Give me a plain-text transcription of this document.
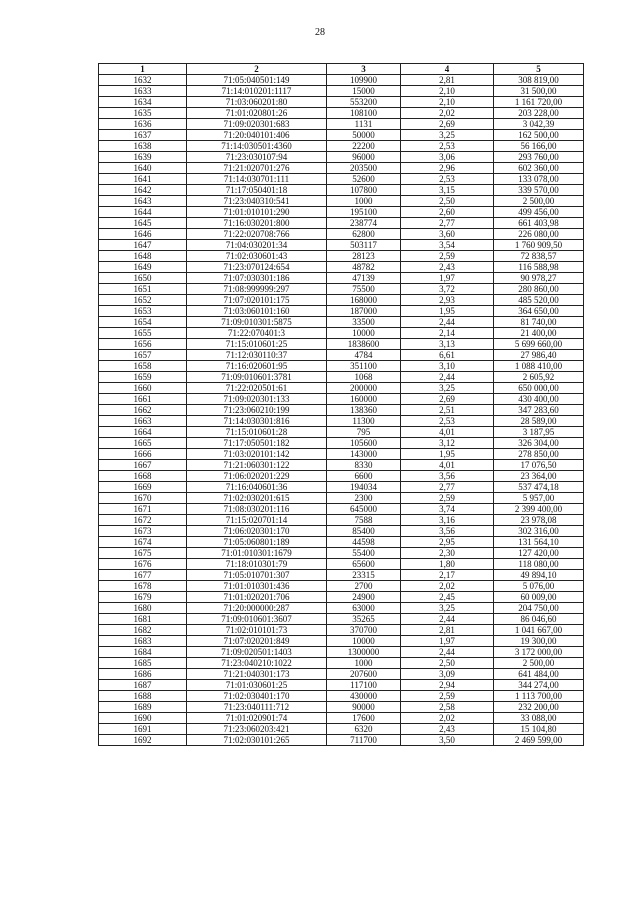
28
1	2	3	4	5
1632	71:05:040501:149	109900	2,81	308 819,00
1633	71:14:010201:1117	15000	2,10	31 500,00
1634	71:03:060201:80	553200	2,10	1 161 720,00
1635	71:01:020801:26	108100	2,02	203 228,00
1636	71:09:020301:683	1131	2,69	3 042,39
1637	71:20:040101:406	50000	3,25	162 500,00
1638	71:14:030501:4360	22200	2,53	56 166,00
1639	71:23:030107:94	96000	3,06	293 760,00
1640	71:21:020701:276	203500	2,96	602 360,00
1641	71:14:030701:111	52600	2,53	133 078,00
1642	71:17:050401:18	107800	3,15	339 570,00
1643	71:23:040310:541	1000	2,50	2 500,00
1644	71:01:010101:290	195100	2,60	499 456,00
1645	71:16:030201:800	238774	2,77	661 403,98
1646	71:22:020708:766	62800	3,60	226 080,00
1647	71:04:030201:34	503117	3,54	1 760 909,50
1648	71:02:030601:43	28123	2,59	72 838,57
1649	71:23:070124:654	48782	2,43	116 588,98
1650	71:07:030301:186	47139	1,97	90 978,27
1651	71:08:999999:297	75500	3,72	280 860,00
1652	71:07:020101:175	168000	2,93	485 520,00
1653	71:03:060101:160	187000	1,95	364 650,00
1654	71:09:010301:5875	33500	2,44	81 740,00
1655	71:22:070401:3	10000	2,14	21 400,00
1656	71:15:010601:25	1838600	3,13	5 699 660,00
1657	71:12:030110:37	4784	6,61	27 986,40
1658	71:16:020601:95	351100	3,10	1 088 410,00
1659	71:09:010601:3781	1068	2,44	2 605,92
1660	71:22:020501:61	200000	3,25	650 000,00
1661	71:09:020301:133	160000	2,69	430 400,00
1662	71:23:060210:199	138360	2,51	347 283,60
1663	71:14:030301:816	11300	2,53	28 589,00
1664	71:15:010601:28	795	4,01	3 187,95
1665	71:17:050501:182	105600	3,12	326 304,00
1666	71:03:020101:142	143000	1,95	278 850,00
1667	71:21:060301:122	8330	4,01	17 076,50
1668	71:06:020201:229	6600	3,56	23 364,00
1669	71:16:040601:36	194034	2,77	537 474,18
1670	71:02:030201:615	2300	2,59	5 957,00
1671	71:08:030201:116	645000	3,74	2 399 400,00
1672	71:15:020701:14	7588	3,16	23 978,08
1673	71:06:020301:170	85400	3,56	302 316,00
1674	71:05:060801:189	44598	2,95	131 564,10
1675	71:01:010301:1679	55400	2,30	127 420,00
1676	71:18:010301:79	65600	1,80	118 080,00
1677	71:05:010701:307	23315	2,17	49 894,10
1678	71:01:010301:436	2700	2,02	5 076,00
1679	71:01:020201:706	24900	2,45	60 009,00
1680	71:20:000000:287	63000	3,25	204 750,00
1681	71:09:010601:3607	35265	2,44	86 046,60
1682	71:02:010101:73	370700	2,81	1 041 667,00
1683	71:07:020201:849	10000	1,97	19 300,00
1684	71:09:020501:1403	1300000	2,44	3 172 000,00
1685	71:23:040210:1022	1000	2,50	2 500,00
1686	71:21:040301:173	207600	3,09	641 484,00
1687	71:01:030601:25	117100	2,94	344 274,00
1688	71:02:030401:170	430000	2,59	1 113 700,00
1689	71:23:040111:712	90000	2,58	232 200,00
1690	71:01:020901:74	17600	2,02	33 088,00
1691	71:23:060203:421	6320	2,43	15 104,80
1692	71:02:030101:265	711700	3,50	2 469 599,00
